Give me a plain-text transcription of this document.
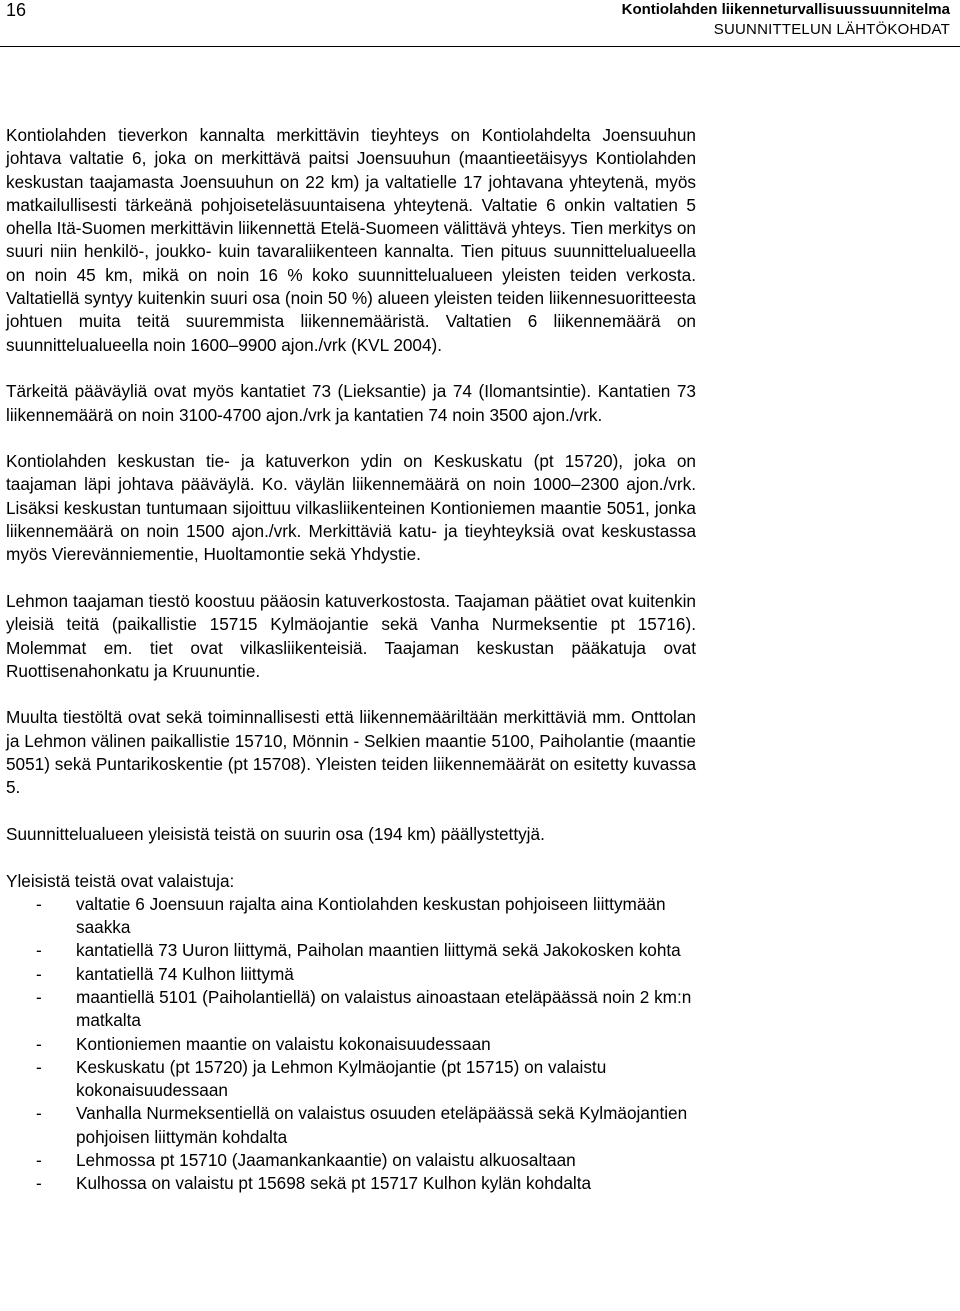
16	Kontiolahden liikenneturvallisuussuunnitelma
SUUNNITTELUN LÄHTÖKOHDAT

Kontiolahden tieverkon kannalta merkittävin tieyhteys on Kontiolahdelta Joensuuhun johtava valtatie 6, joka on merkittävä paitsi Joensuuhun (maantieetäisyys Kontiolahden keskustan taajamasta Joensuuhun on 22 km) ja valtatielle 17 johtavana yhteytenä, myös matkailullisesti tärkeänä pohjoiseteläsuuntaisena yhteytenä. Valtatie 6 onkin valtatien 5 ohella Itä-Suomen merkittävin liikennettä Etelä-Suomeen välittävä yhteys. Tien merkitys on suuri niin henkilö-, joukko- kuin tavaraliikenteen kannalta. Tien pituus suunnittelualueella on noin 45 km, mikä on noin 16 % koko suunnittelualueen yleisten teiden verkosta. Valtatiellä syntyy kuitenkin suuri osa (noin 50 %) alueen yleisten teiden liikennesuoritteesta johtuen muita teitä suuremmista liikennemääristä. Valtatien 6 liikennemäärä on suunnittelualueella noin 1600–9900 ajon./vrk (KVL 2004).

Tärkeitä pääväyliä ovat myös kantatiet 73 (Lieksantie) ja 74 (Ilomantsintie). Kantatien 73 liikennemäärä on noin 3100-4700 ajon./vrk ja kantatien 74 noin 3500 ajon./vrk.

Kontiolahden keskustan tie- ja katuverkon ydin on Keskuskatu (pt 15720), joka on taajaman läpi johtava pääväylä. Ko. väylän liikennemäärä on noin 1000–2300 ajon./vrk. Lisäksi keskustan tuntumaan sijoittuu vilkasliikenteinen Kontioniemen maantie 5051, jonka liikennemäärä on noin 1500 ajon./vrk. Merkittäviä katu- ja tieyhteyksiä ovat keskustassa myös Vierevänniementie, Huoltamontie sekä Yhdystie.

Lehmon taajaman tiestö koostuu pääosin katuverkostosta. Taajaman päätiet ovat kuitenkin yleisiä teitä (paikallistie 15715 Kylmäojantie sekä Vanha Nurmeksentie pt 15716). Molemmat em. tiet ovat vilkasliikenteisiä. Taajaman keskustan pääkatuja ovat Ruottisenahonkatu ja Kruununtie.

Muulta tiestöltä ovat sekä toiminnallisesti että liikennemääriltään merkittäviä mm. Onttolan ja Lehmon välinen paikallistie 15710, Mönnin - Selkien maantie 5100, Paiholantie (maantie 5051) sekä Puntarikoskentie (pt 15708). Yleisten teiden liikennemäärät on esitetty kuvassa 5.

Suunnittelualueen yleisistä teistä on suurin osa (194 km) päällystettyjä.

Yleisistä teistä ovat valaistuja:

- valtatie 6 Joensuun rajalta aina Kontiolahden keskustan pohjoiseen liittymään saakka
- kantatiellä 73 Uuron liittymä, Paiholan maantien liittymä sekä Jakokosken kohta
- kantatiellä 74 Kulhon liittymä
- maantiellä 5101 (Paiholantiellä) on valaistus ainoastaan eteläpäässä noin 2 km:n matkalta
- Kontioniemen maantie on valaistu kokonaisuudessaan
- Keskuskatu (pt 15720) ja Lehmon Kylmäojantie (pt 15715) on valaistu kokonaisuudessaan
- Vanhalla Nurmeksentiellä on valaistus osuuden eteläpäässä sekä Kylmäojantien pohjoisen liittymän kohdalta
- Lehmossa pt 15710 (Jaamankankaantie) on valaistu alkuosaltaan
- Kulhossa on valaistu pt 15698 sekä pt 15717 Kulhon kylän kohdalta
